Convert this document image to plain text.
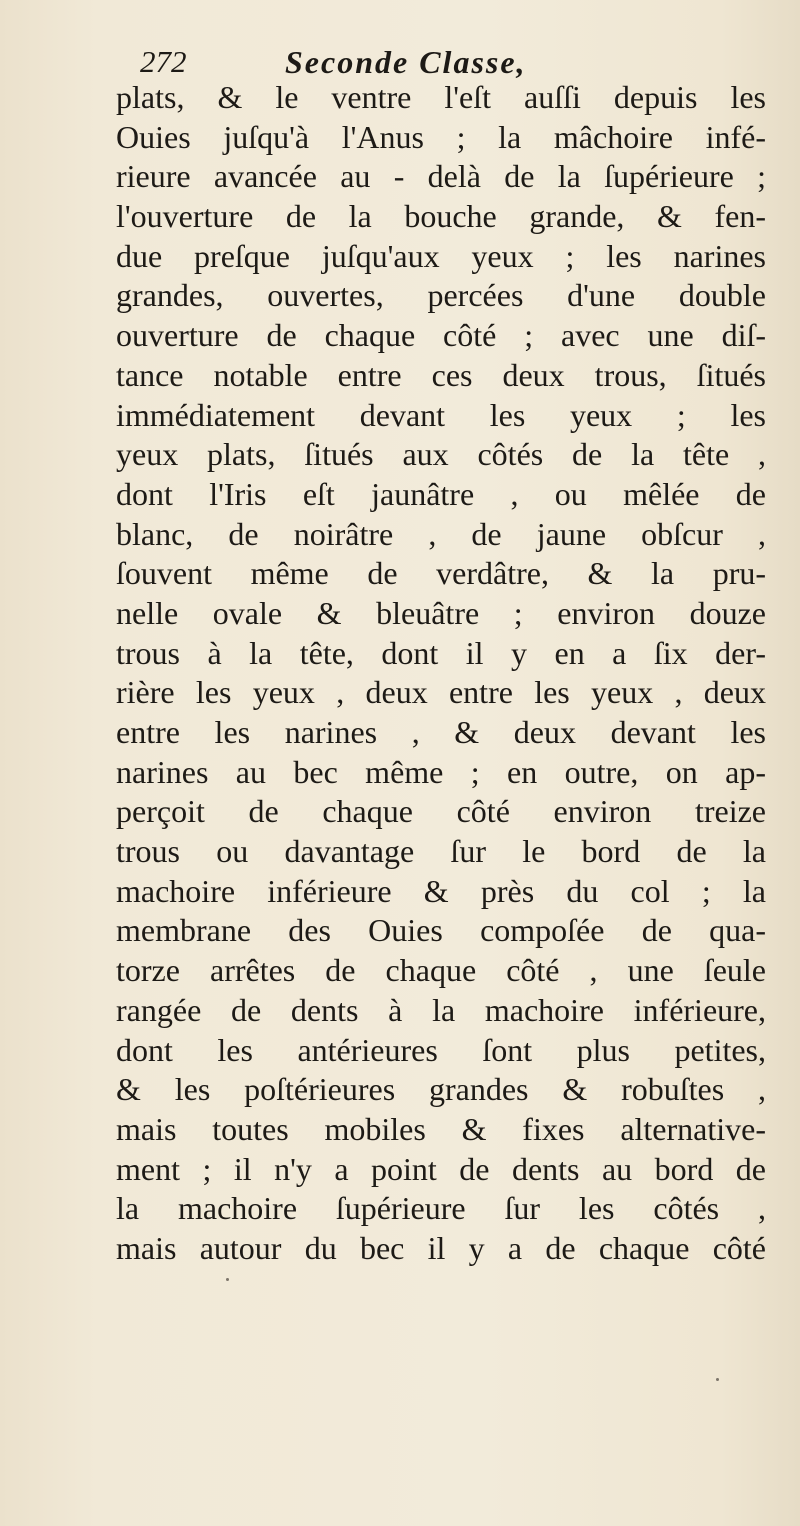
272	Seconde Classe,
plats, & le ventre l'eſt auſſi depuis les
Ouies juſqu'à l'Anus ; la mâchoire infé-
rieure avancée au - delà de la ſupérieure ;
l'ouverture de la bouche grande, & fen-
due preſque juſqu'aux yeux ; les narines
grandes, ouvertes, percées d'une double
ouverture de chaque côté ; avec une diſ-
tance notable entre ces deux trous, ſitués
immédiatement devant les yeux ; les
yeux plats, ſitués aux côtés de la tête ,
dont l'Iris eſt jaunâtre , ou mêlée de
blanc, de noirâtre , de jaune obſcur ,
ſouvent même de verdâtre, & la pru-
nelle ovale & bleuâtre ; environ douze
trous à la tête, dont il y en a ſix der-
rière les yeux , deux entre les yeux , deux
entre les narines , & deux devant les
narines au bec même ; en outre, on ap-
perçoit de chaque côté environ treize
trous ou davantage ſur le bord de la
machoire inférieure & près du col ; la
membrane des Ouies compoſée de qua-
torze arrêtes de chaque côté , une ſeule
rangée de dents à la machoire inférieure,
dont les antérieures ſont plus petites,
& les poſtérieures grandes & robuſtes ,
mais toutes mobiles & fixes alternative-
ment ; il n'y a point de dents au bord de
la machoire ſupérieure ſur les côtés ,
mais autour du bec il y a de chaque côté
